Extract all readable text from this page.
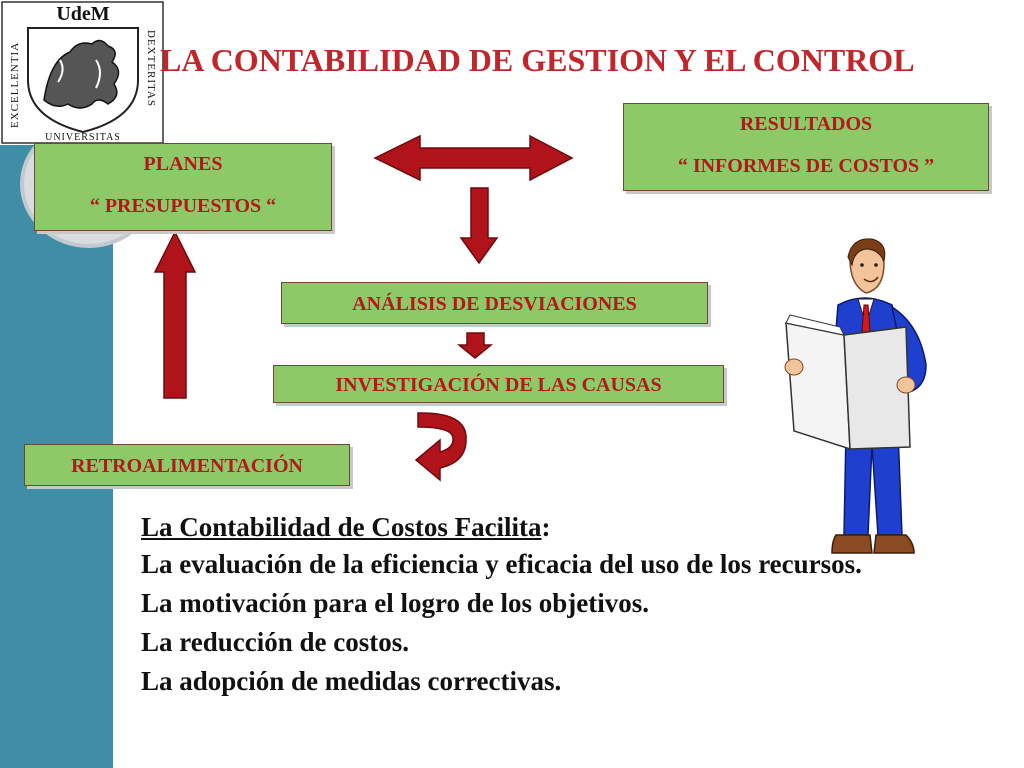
UdeM
EXCELLENTIA	DEXTERITAS
UNIVERSITAS
LA CONTABILIDAD DE GESTION Y EL CONTROL
PLANES
“ PRESUPUESTOS “
RESULTADOS
“ INFORMES DE COSTOS ”
ANÁLISIS DE DESVIACIONES
INVESTIGACIÓN DE LAS CAUSAS
RETROALIMENTACIÓN

La Contabilidad de Costos Facilita:

La evaluación de la eficiencia y eficacia del uso de los recursos.

La motivación para el logro de los objetivos.

La reducción de costos.

La adopción de medidas correctivas.
